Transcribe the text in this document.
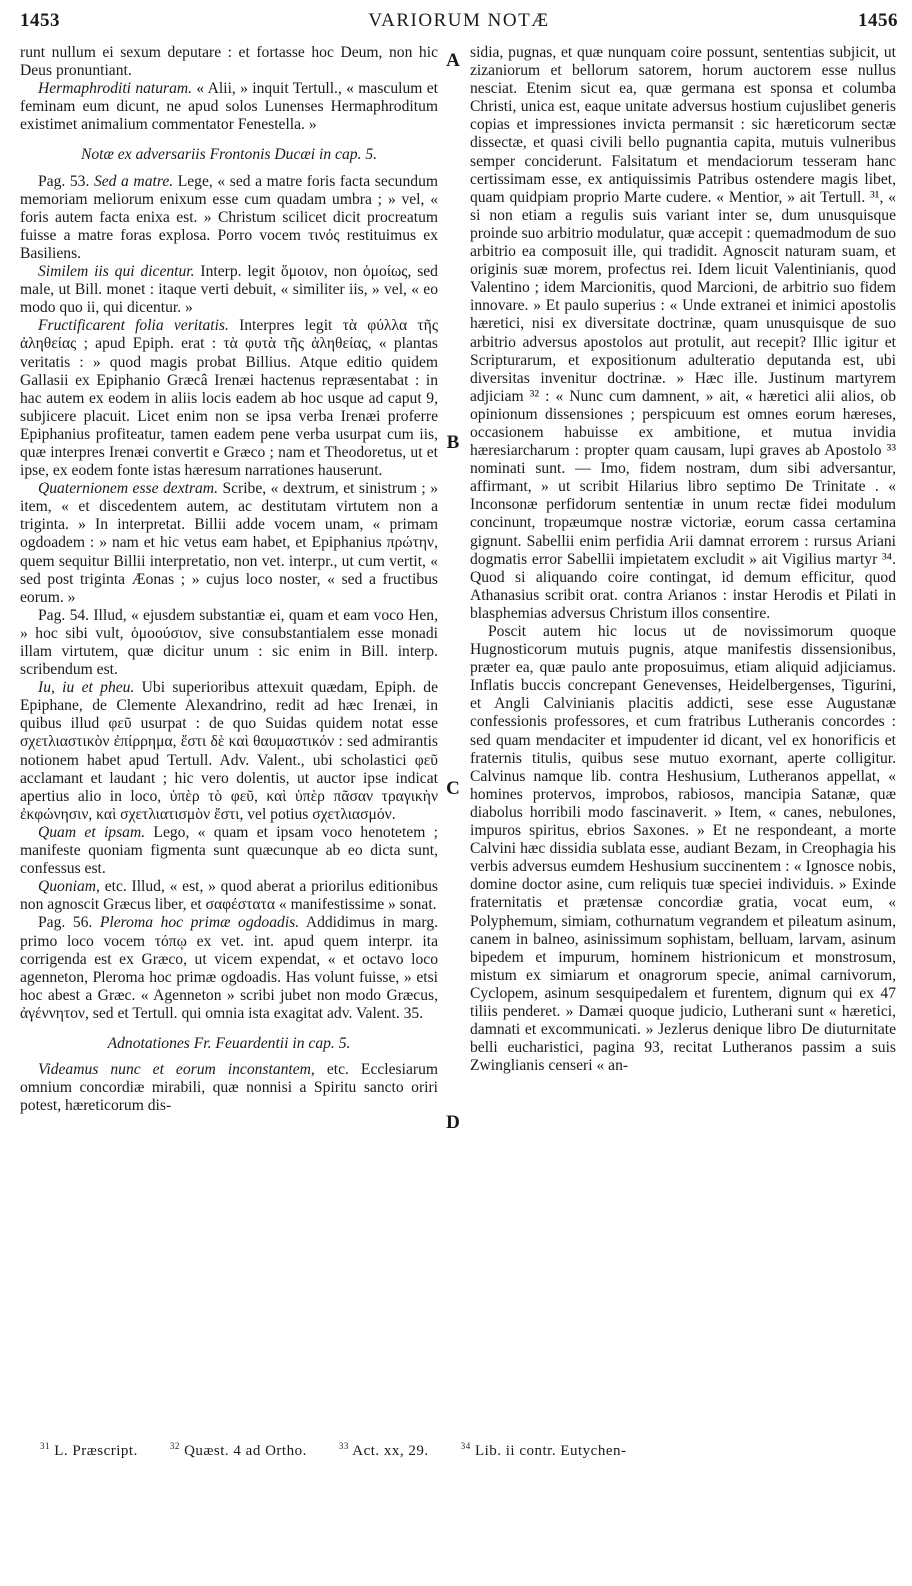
1453	VARIORUM NOTÆ	1456

runt nullum ei sexum deputare : et fortasse hoc Deum, non hic Deus pronuntiant.

Hermaphroditi naturam. « Alii, » inquit Tertull., « masculum et feminam eum dicunt, ne apud solos Lunenses Hermaphroditum existimet animalium commentator Fenestella. »

Notæ ex adversariis Frontonis Ducæi in cap. 5.

Pag. 53. Sed a matre. Lege, « sed a matre foris facta secundum memoriam meliorum enixum esse cum quadam umbra ; » vel, « foris autem facta enixa est. » Christum scilicet dicit procreatum fuisse a matre foras explosa. Porro vocem τινός restituimus ex Basiliens.

Similem iis qui dicentur. Interp. legit ὅμοιον, non ὁμοίως, sed male, ut Bill. monet : itaque verti debuit, « similiter iis, » vel, « eo modo quo ii, qui dicentur. »

Fructificarent folia veritatis. Interpres legit τὰ φύλλα τῆς ἀληθείας ; apud Epiph. erat : τὰ φυτὰ τῆς ἀληθείας, « plantas veritatis : » quod magis probat Billius. Atque editio quidem Gallasii ex Epiphanio Græcâ Irenæi hactenus repræsentabat : in hac autem ex eodem in aliis locis eadem ab hoc usque ad caput 9, subjicere placuit. Licet enim non se ipsa verba Irenæi proferre Epiphanius profiteatur, tamen eadem pene verba usurpat cum iis, quæ interpres Irenæi convertit e Græco ; nam et Theodoretus, ut et ipse, ex eodem fonte istas hæresum narrationes hauserunt.

Quaternionem esse dextram. Scribe, « dextrum, et sinistrum ; » item, « et discedentem autem, ac destitutam virtutem non a triginta. » In interpretat. Billii adde vocem unam, « primam ogdoadem : » nam et hic vetus eam habet, et Epiphanius πρώτην, quem sequitur Billii interpretatio, non vet. interpr., ut cum vertit, « sed post triginta Æonas ; » cujus loco noster, « sed a fructibus eorum. »

Pag. 54. Illud, « ejusdem substantiæ ei, quam et eam voco Hen, » hoc sibi vult, ὁμοούσιον, sive consubstantialem esse monadi illam virtutem, quæ dicitur unum : sic enim in Bill. interp. scribendum est.

Iu, iu et pheu. Ubi superioribus attexuit quædam, Epiph. de Epiphane, de Clemente Alexandrino, redit ad hæc Irenæi, in quibus illud φεῦ usurpat : de quo Suidas quidem notat esse σχετλιαστικὸν ἐπίρρημα, ἔστι δὲ καὶ θαυμαστικόν : sed admirantis notionem habet apud Tertull. Adv. Valent., ubi scholastici φεῦ acclamant et laudant ; hic vero dolentis, ut auctor ipse indicat apertius alio in loco, ὑπὲρ τὸ φεῦ, καὶ ὑπὲρ πᾶσαν τραγικὴν ἐκφώνησιν, καὶ σχετλιατισμὸν ἔστι, vel potius σχετλιασμόν.

Quam et ipsam. Lego, « quam et ipsam voco henotetem ; manifeste quoniam figmenta sunt quæcunque ab eo dicta sunt, confessus est.

Quoniam, etc. Illud, « est, » quod aberat a priorilus editionibus non agnoscit Græcus liber, et σαφέστατα « manifestissime » sonat.

Pag. 56. Pleroma hoc primæ ogdoadis. Addidimus in marg. primo loco vocem τόπῳ ex vet. int. apud quem interpr. ita corrigenda est ex Græco, ut vicem expendat, « et octavo loco agenneton, Pleroma hoc primæ ogdoadis. Has volunt fuisse, » etsi hoc abest a Græc. « Agenneton » scribi jubet non modo Græcus, ἀγέννητον, sed et Tertull. qui omnia ista exagitat adv. Valent. 35.

Adnotationes Fr. Feuardentii in cap. 5.

Videamus nunc et eorum inconstantem, etc. Ecclesiarum omnium concordiæ mirabili, quæ nonnisi a Spiritu sancto oriri potest, hæreticorum dis-

sidia, pugnas, et quæ nunquam coire possunt, sententias subjicit, ut zizaniorum et bellorum satorem, horum auctorem esse nullus nesciat. Etenim sicut ea, quæ germana est sponsa et columba Christi, unica est, eaque unitate adversus hostium cujuslibet generis copias et impressiones invicta permansit : sic hæreticorum sectæ dissectæ, et quasi civili bello pugnantia capita, mutuis vulneribus semper conciderunt. Falsitatum et mendaciorum tesseram hanc certissimam esse, ex antiquissimis Patribus ostendere magis libet, quam quidpiam proprio Marte cudere. « Mentior, » ait Tertull. ³¹, « si non etiam a regulis suis variant inter se, dum unusquisque proinde suo arbitrio modulatur, quæ accepit : quemadmodum de suo arbitrio ea composuit ille, qui tradidit. Agnoscit naturam suam, et originis suæ morem, profectus rei. Idem licuit Valentinianis, quod Valentino ; idem Marcionitis, quod Marcioni, de arbitrio suo fidem innovare. » Et paulo superius : « Unde extranei et inimici apostolis hæretici, nisi ex diversitate doctrinæ, quam unusquisque de suo arbitrio adversus apostolos aut protulit, aut recepit? Illic igitur et Scripturarum, et expositionum adulteratio deputanda est, ubi diversitas invenitur doctrinæ. » Hæc ille. Justinum martyrem adjiciam ³² : « Nunc cum damnent, » ait, « hæretici alii alios, ob opinionum dissensiones ; perspicuum est omnes eorum hæreses, occasionem habuisse ex ambitione, et mutua invidia hæresiarcharum : propter quam causam, lupi graves ab Apostolo ³³ nominati sunt. — Imo, fidem nostram, dum sibi adversantur, affirmant, » ut scribit Hilarius libro septimo De Trinitate . « Inconsonæ perfidorum sententiæ in unum rectæ fidei modulum concinunt, tropæumque nostræ victoriæ, eorum cassa certamina gignunt. Sabellii enim perfidia Arii damnat errorem : rursus Ariani dogmatis error Sabellii impietatem excludit » ait Vigilius martyr ³⁴. Quod si aliquando coire contingat, id demum efficitur, quod Athanasius scribit orat. contra Arianos : instar Herodis et Pilati in blasphemias adversus Christum illos consentire.

Poscit autem hic locus ut de novissimorum quoque Hugnosticorum mutuis pugnis, atque manifestis dissensionibus, præter ea, quæ paulo ante proposuimus, etiam aliquid adjiciamus. Inflatis buccis concrepant Genevenses, Heidelbergenses, Tigurini, et Angli Calvinianis placitis addicti, sese esse Augustanæ confessionis professores, et cum fratribus Lutheranis concordes : sed quam mendaciter et impudenter id dicant, vel ex honorificis et fraternis titulis, quibus sese mutuo exornant, aperte colligitur. Calvinus namque lib. contra Heshusium, Lutheranos appellat, « homines protervos, improbos, rabiosos, mancipia Satanæ, quæ diabolus horribili modo fascinaverit. » Item, « canes, nebulones, impuros spiritus, ebrios Saxones. » Et ne respondeant, a morte Calvini hæc dissidia sublata esse, audiant Bezam, in Creophagia his verbis adversus eumdem Heshusium succinentem : « Ignosce nobis, domine doctor asine, cum reliquis tuæ speciei individuis. » Exinde fraternitatis et prætensæ concordiæ gratia, vocat eum, « Polyphemum, simiam, cothurnatum vegrandem et pileatum asinum, canem in balneo, asinissimum sophistam, belluam, larvam, asinum bipedem et impurum, hominem histrionicum et monstrosum, mistum ex simiarum et onagrorum specie, animal carnivorum, Cyclopem, asinum sesquipedalem et furentem, dignum qui ex 47 tiliis penderet. » Damæi quoque judicio, Lutherani sunt « hæretici, damnati et excommunicati. » Jezlerus denique libro De diuturnitate belli eucharistici, pagina 93, recitat Lutheranos passim a suis Zwinglianis censeri « an-

A
B
C
D
$^{31}$ L. Præscript.	$^{32}$ Quæst. 4 ad Ortho.	$^{33}$ Act. xx, 29.	$^{34}$ Lib. ii contr. Eutychen-
